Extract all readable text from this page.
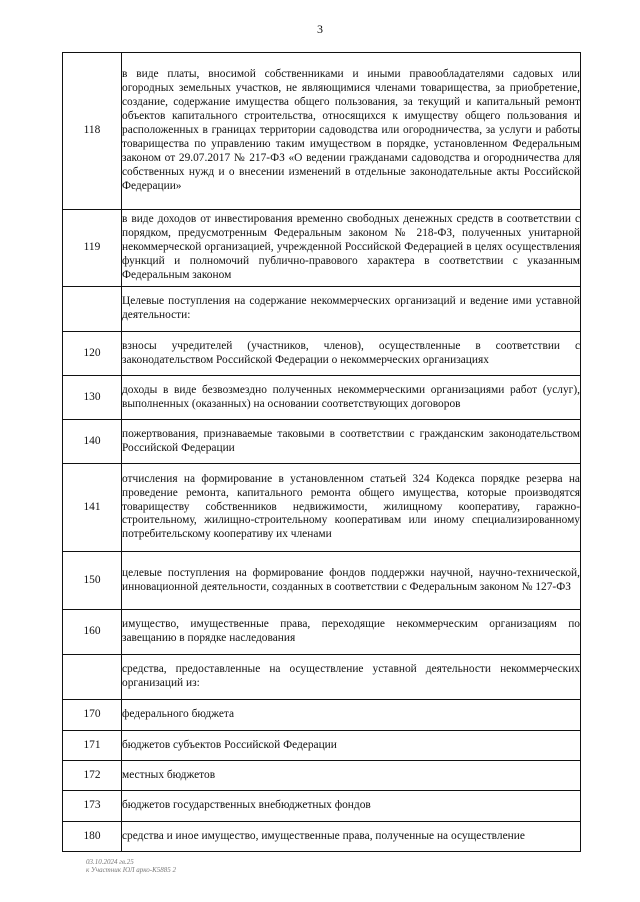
3
118	в виде платы, вносимой собственниками и иными правообладателями садовых или огородных земельных участков, не являющимися членами товарищества, за приобретение, создание, содержание имущества общего пользования, за текущий и капитальный ремонт объектов капитального строительства, относящихся к имуществу общего пользования и расположенных в границах территории садоводства или огородничества, за услуги и работы товарищества по управлению таким имуществом в порядке, установленном Федеральным законом от 29.07.2017 № 217-ФЗ «О ведении гражданами садоводства и огородничества для собственных нужд и о внесении изменений в отдельные законодательные акты Российской Федерации»
119	в виде доходов от инвестирования временно свободных денежных средств в соответствии с порядком, предусмотренным Федеральным законом № 218-ФЗ, полученных унитарной некоммерческой организацией, учрежденной Российской Федерацией в целях осуществления функций и полномочий публично-правового характера в соответствии с указанным Федеральным законом
	Целевые поступления на содержание некоммерческих организаций и ведение ими уставной деятельности:
120	взносы учредителей (участников, членов), осуществленные в соответствии с законодательством Российской Федерации о некоммерческих организациях
130	доходы в виде безвозмездно полученных некоммерческими организациями работ (услуг), выполненных (оказанных) на основании соответствующих договоров
140	пожертвования, признаваемые таковыми в соответствии с гражданским законодательством Российской Федерации
141	отчисления на формирование в установленном статьей 324 Кодекса порядке резерва на проведение ремонта, капитального ремонта общего имущества, которые производятся товариществу собственников недвижимости, жилищному кооперативу, гаражно-строительному, жилищно-строительному кооперативам или иному специализированному потребительскому кооперативу их членами
150	целевые поступления на формирование фондов поддержки научной, научно-технической, инновационной деятельности, созданных в соответствии с Федеральным законом № 127-ФЗ
160	имущество, имущественные права, переходящие некоммерческим организациям по завещанию в порядке наследования
	средства, предоставленные на осуществление уставной деятельности некоммерческих организаций из:
170	федерального бюджета
171	бюджетов субъектов Российской Федерации
172	местных бюджетов
173	бюджетов государственных внебюджетных фондов
180	средства и иное имущество, имущественные права, полученные на осуществление
03.10.2024 гв.25
к Участник ЮЛ арко-К5885 2
